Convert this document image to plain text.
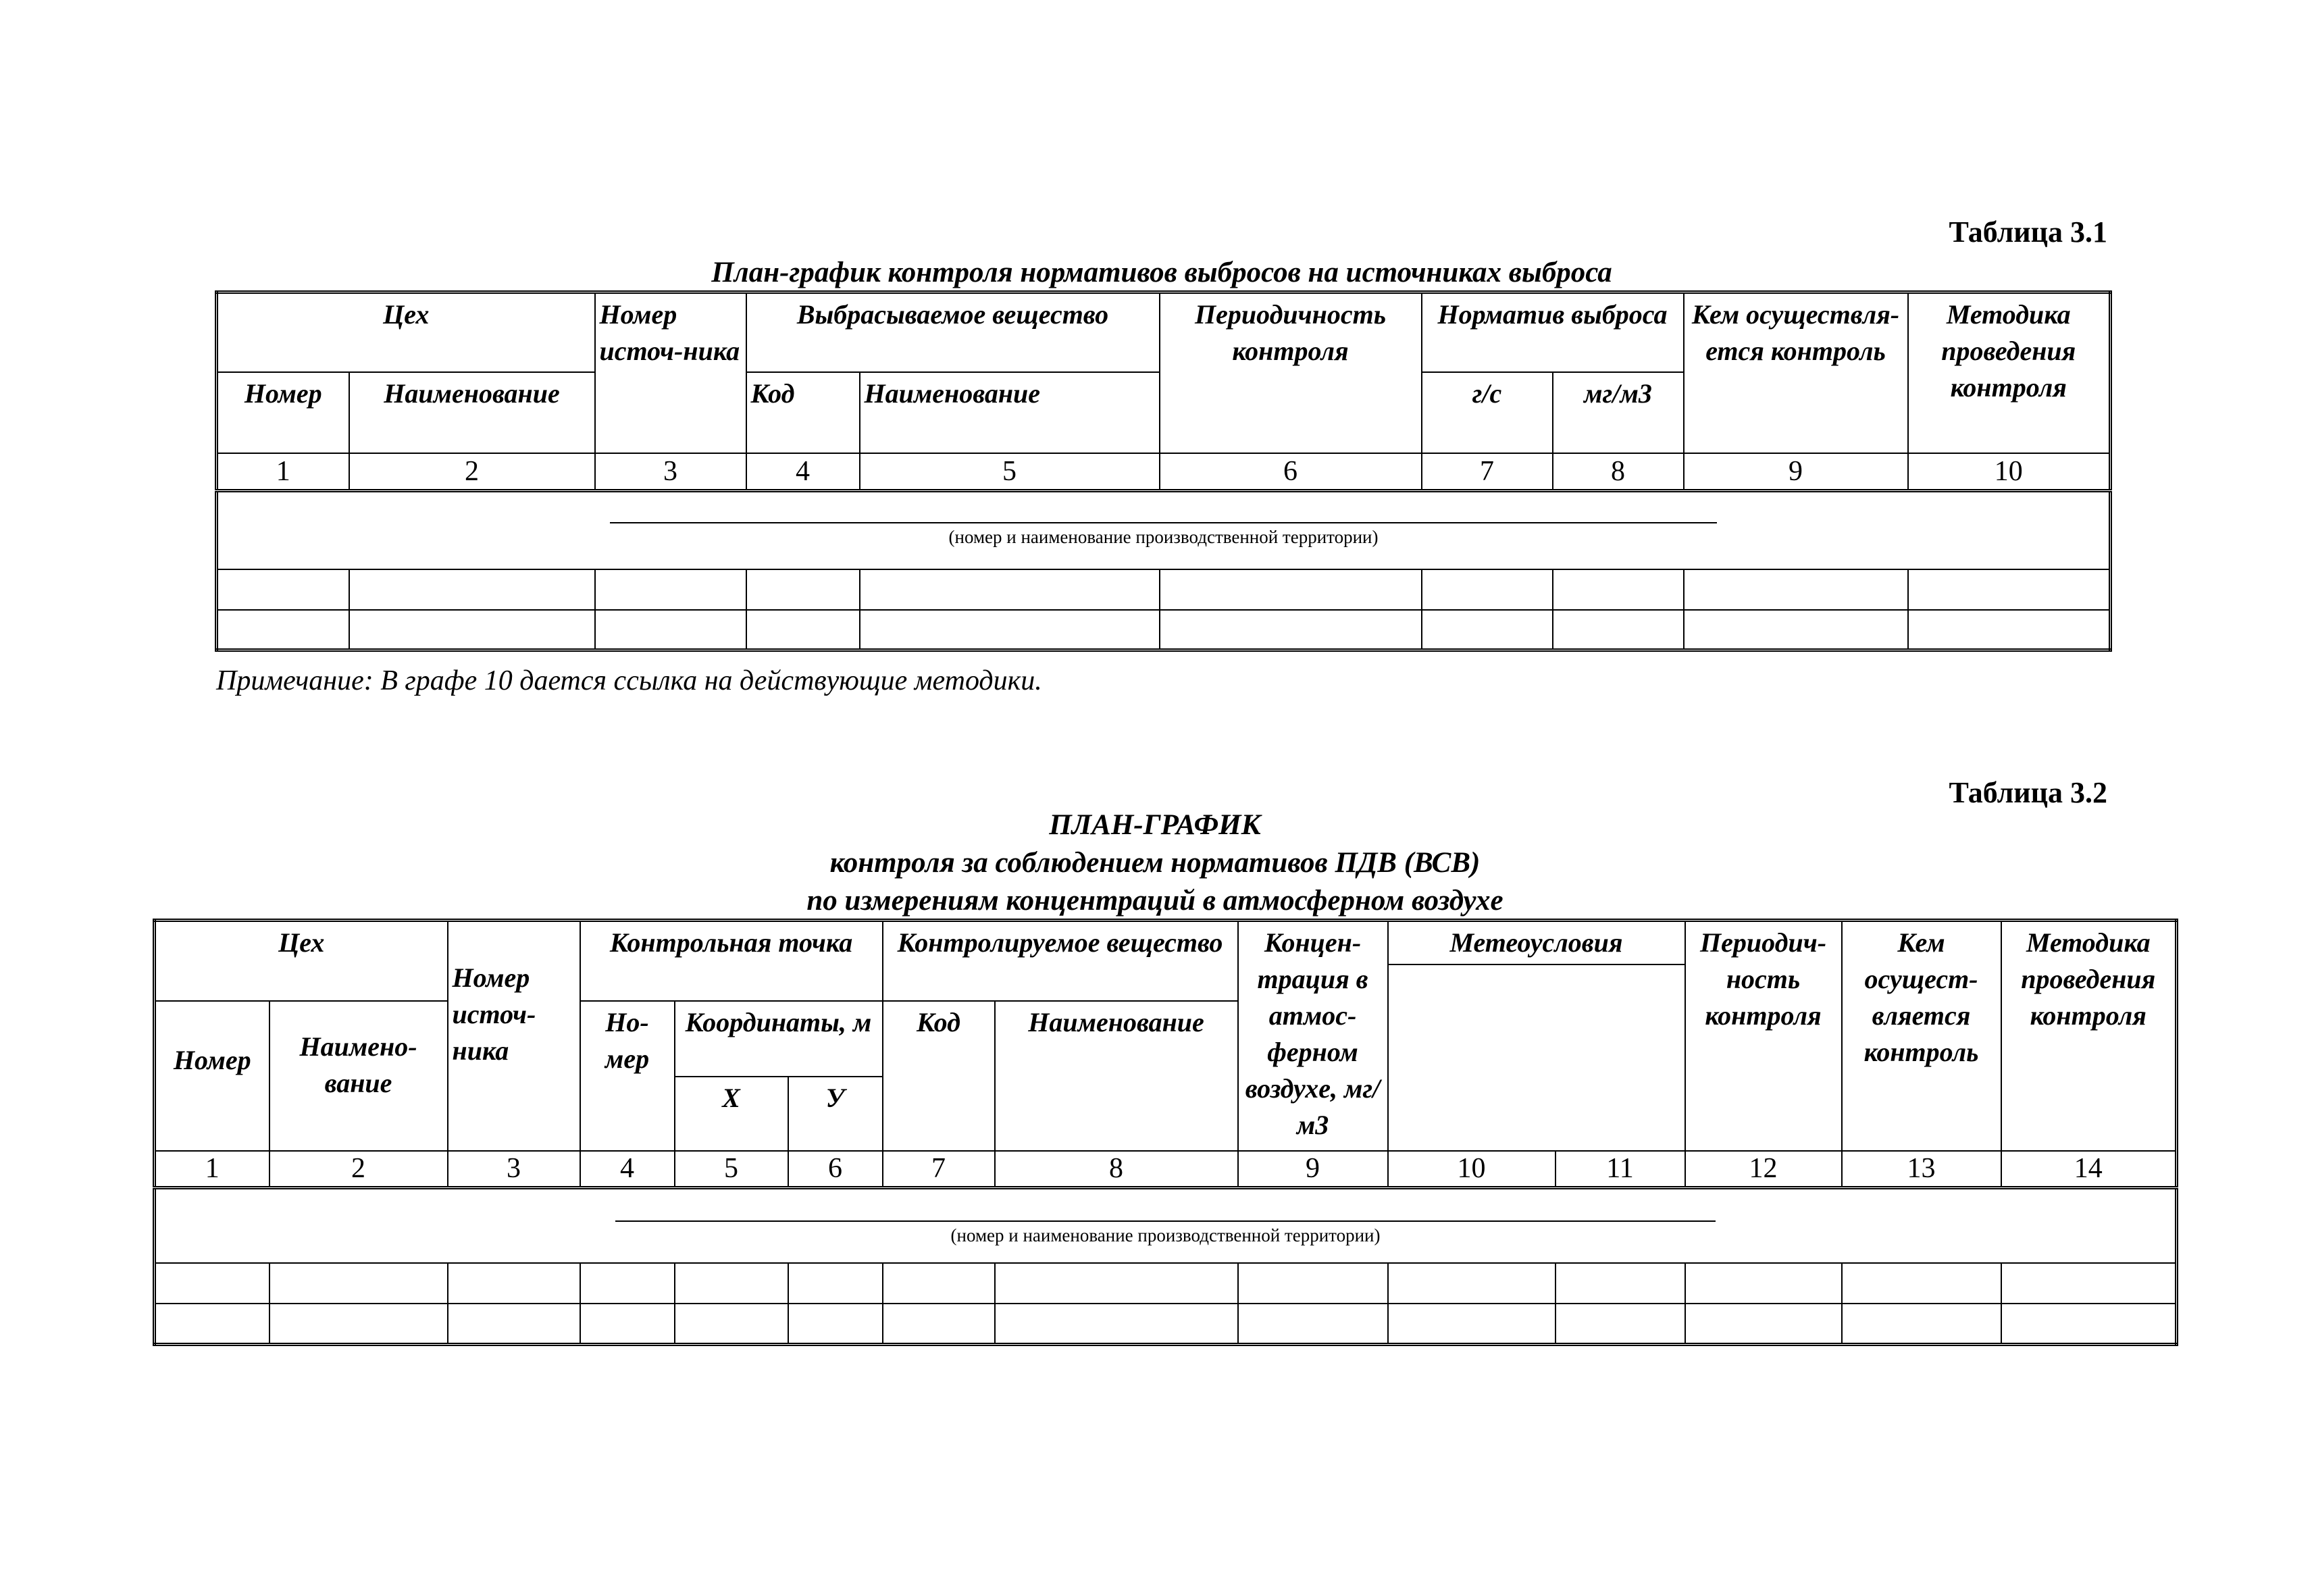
Таблица 3.1
План-график контроля нормативов выбросов на источниках выброса
Цех		Номер источ-ника	Выбрасываемое вещество		Периодичность контроля	Норматив выброса		Кем осуществля-ется контроль	Методика проведения контроля
Номер	Наименование		Код	Наименование		г/с	мг/м3		
1	2	3	4	5	6	7	8	9	10

(номер и наименование производственной территории)									

Примечание: В графе 10 дается ссылка на действующие методики.
Таблица 3.2
ПЛАН-ГРАФИК
контроля за соблюдением нормативов ПДВ (ВСВ)
по измерениям концентраций в атмосферном воздухе
Цех		Номер источ-ника	Контрольная точка			Контролируемое вещество		Концен-трация в атмос-ферном воздухе, мг/м3	Метеоусловия		Периодич-ность контроля	Кем осущест-вляется контроль	Методика проведения контроля

Номер	Наимено-вание		Но-мер	Координаты, м		Код	Наименование						
				Х	У								
1	2	3	4	5	6	7	8	9	10	11	12	13	14

(номер и наименование производственной территории)													
